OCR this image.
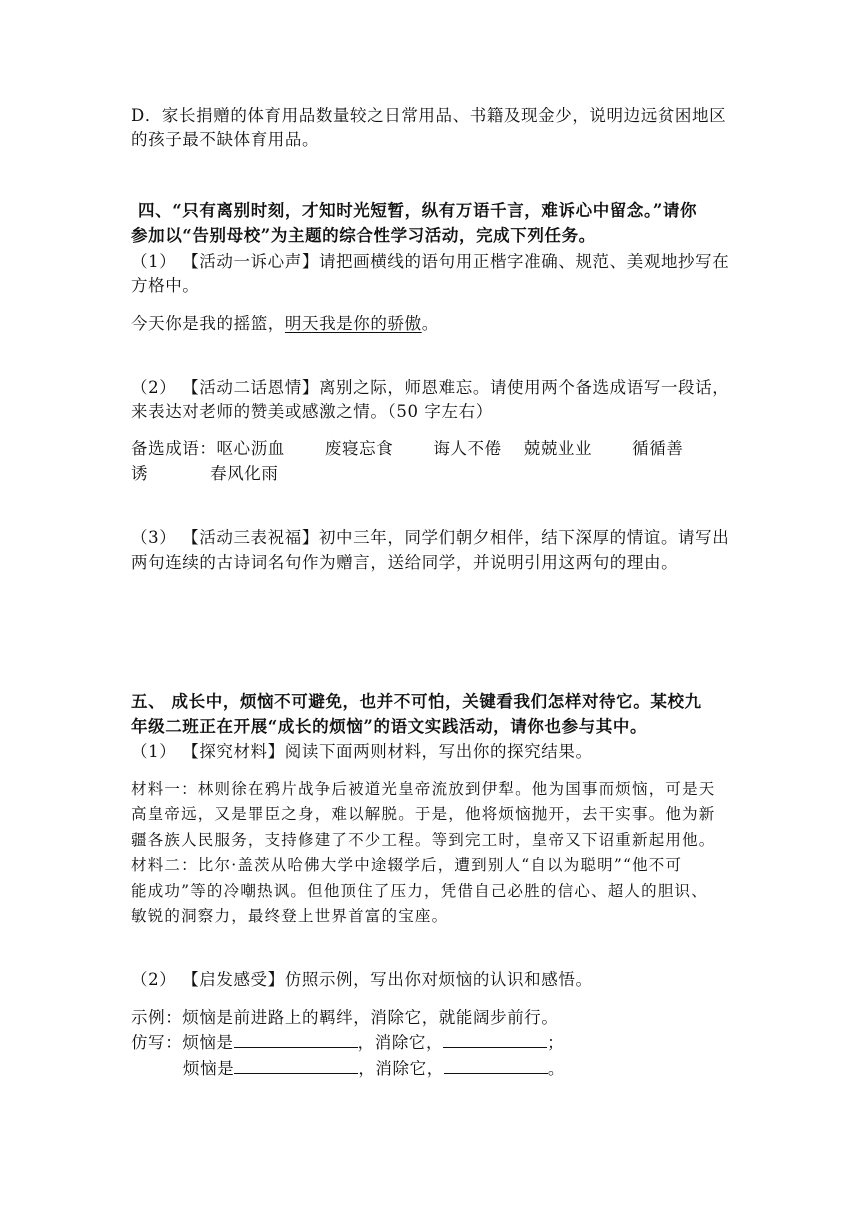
D．家长捐赠的体育用品数量较之日常用品、书籍及现金少，说明边远贫困地区
的孩子最不缺体育用品。
四、“只有离别时刻，才知时光短暂，纵有万语千言，难诉心中留念。”请你
参加以“告别母校”为主题的综合性学习活动，完成下列任务。
（1） 【活动一诉心声】请把画横线的语句用正楷字准确、规范、美观地抄写在
方格中。
今天你是我的摇篮，明天我是你的骄傲。
（2） 【活动二话恩情】离别之际，师恩难忘。请使用两个备选成语写一段话，
来表达对老师的赞美或感激之情。（50 字左右）
备选成语：呕心沥血 废寝忘食 诲人不倦 兢兢业业 循循善
诱	春风化雨
（3） 【活动三表祝福】初中三年，同学们朝夕相伴，结下深厚的情谊。请写出
两句连续的古诗词名句作为赠言，送给同学，并说明引用这两句的理由。
五、 成长中，烦恼不可避免，也并不可怕，关键看我们怎样对待它。某校九
年级二班正在开展“成长的烦恼”的语文实践活动，请你也参与其中。
（1） 【探究材料】阅读下面两则材料，写出你的探究结果。
材料一：林则徐在鸦片战争后被道光皇帝流放到伊犁。他为国事而烦恼，可是天
高皇帝远，又是罪臣之身，难以解脱。于是，他将烦恼抛开，去干实事。他为新
疆各族人民服务，支持修建了不少工程。等到完工时，皇帝又下诏重新起用他。
材料二：比尔·盖茨从哈佛大学中途辍学后，遭到别人“自以为聪明”“他不可
能成功”等的冷嘲热讽。但他顶住了压力，凭借自己必胜的信心、超人的胆识、
敏锐的洞察力，最终登上世界首富的宝座。
（2） 【启发感受】仿照示例，写出你对烦恼的认识和感悟。
示例：烦恼是前进路上的羁绊，消除它，就能阔步前行。
仿写：烦恼是	，消除它，	；
烦恼是	，消除它，	。
